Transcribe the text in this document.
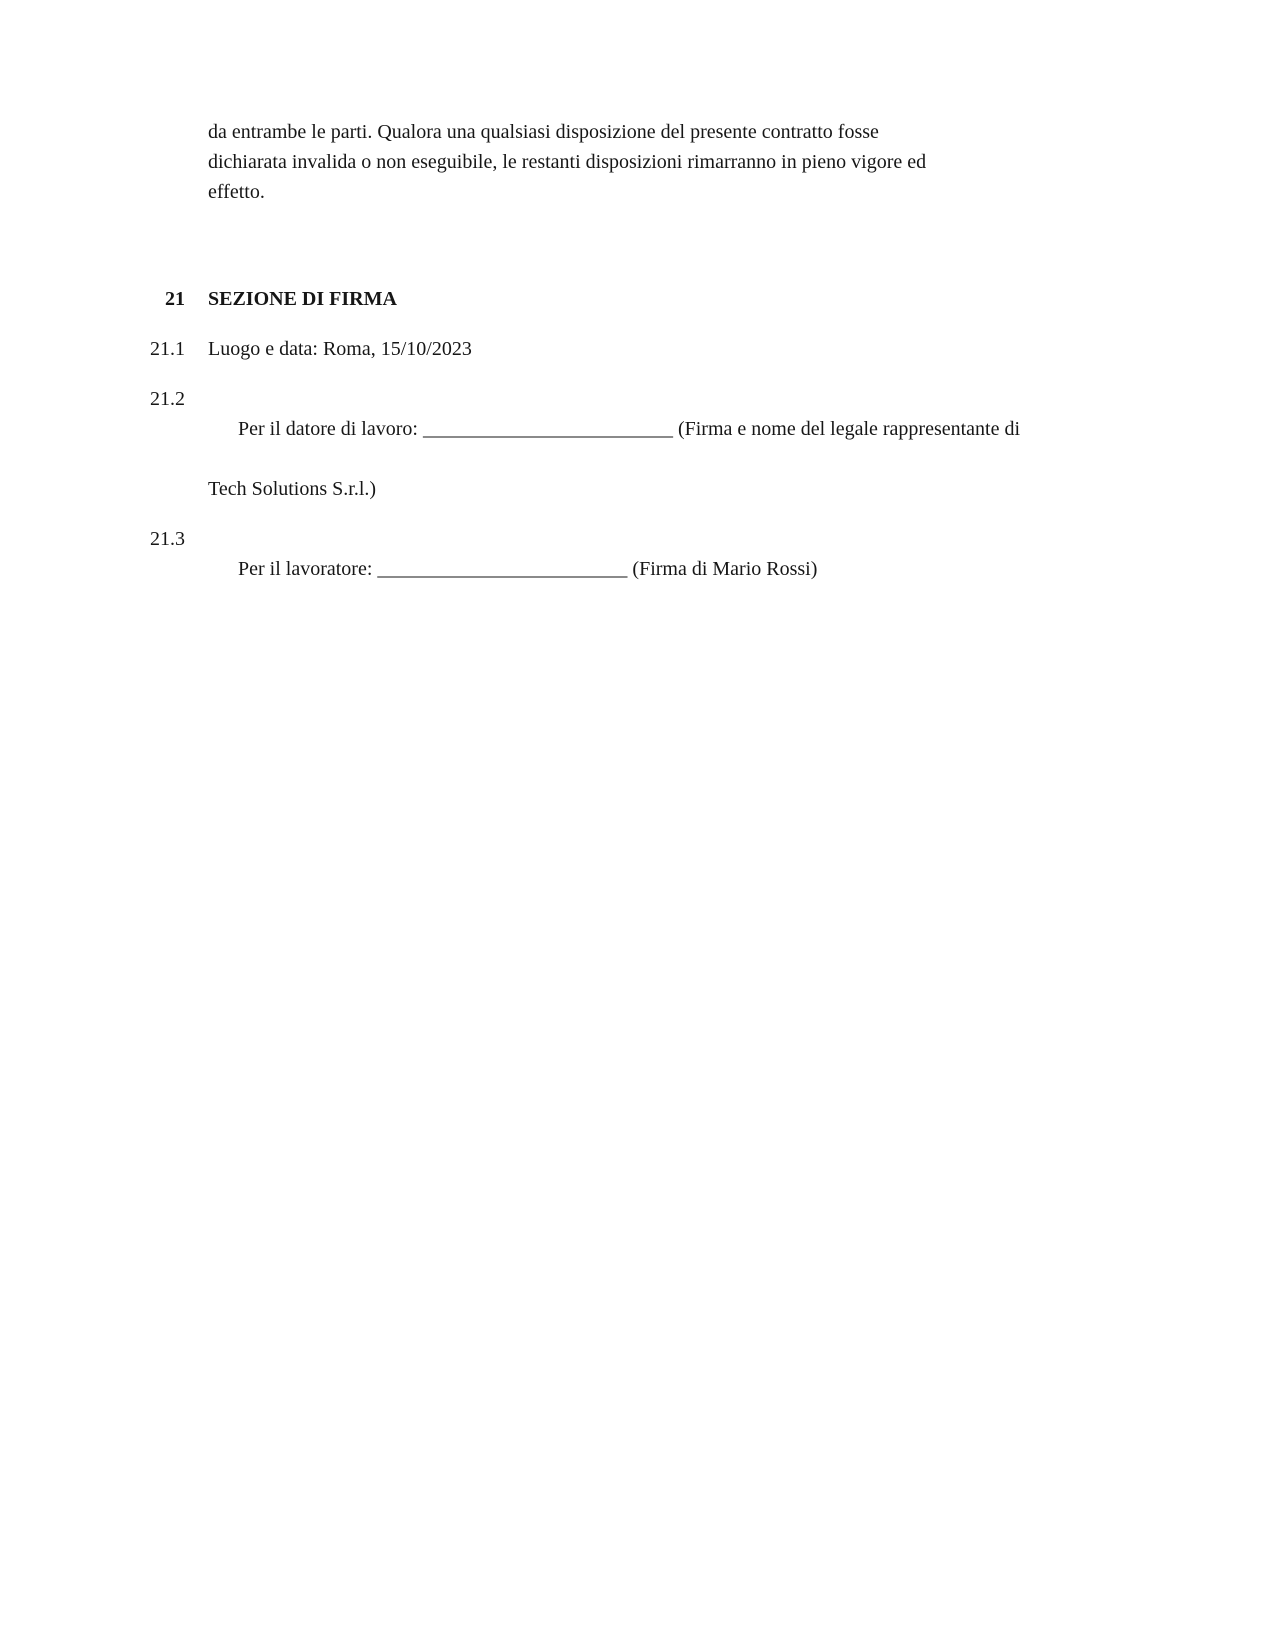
da entrambe le parti. Qualora una qualsiasi disposizione del presente contratto fosse
dichiarata invalida o non eseguibile, le restanti disposizioni rimarranno in pieno vigore ed
effetto.
21	SEZIONE DI FIRMA
21.1	Luogo e data: Roma, 15/10/2023
21.2

Per il datore di lavoro: _________________________ (Firma e nome del legale rappresentante di

Tech Solutions S.r.l.)
21.3

Per il lavoratore: _________________________ (Firma di Mario Rossi)
